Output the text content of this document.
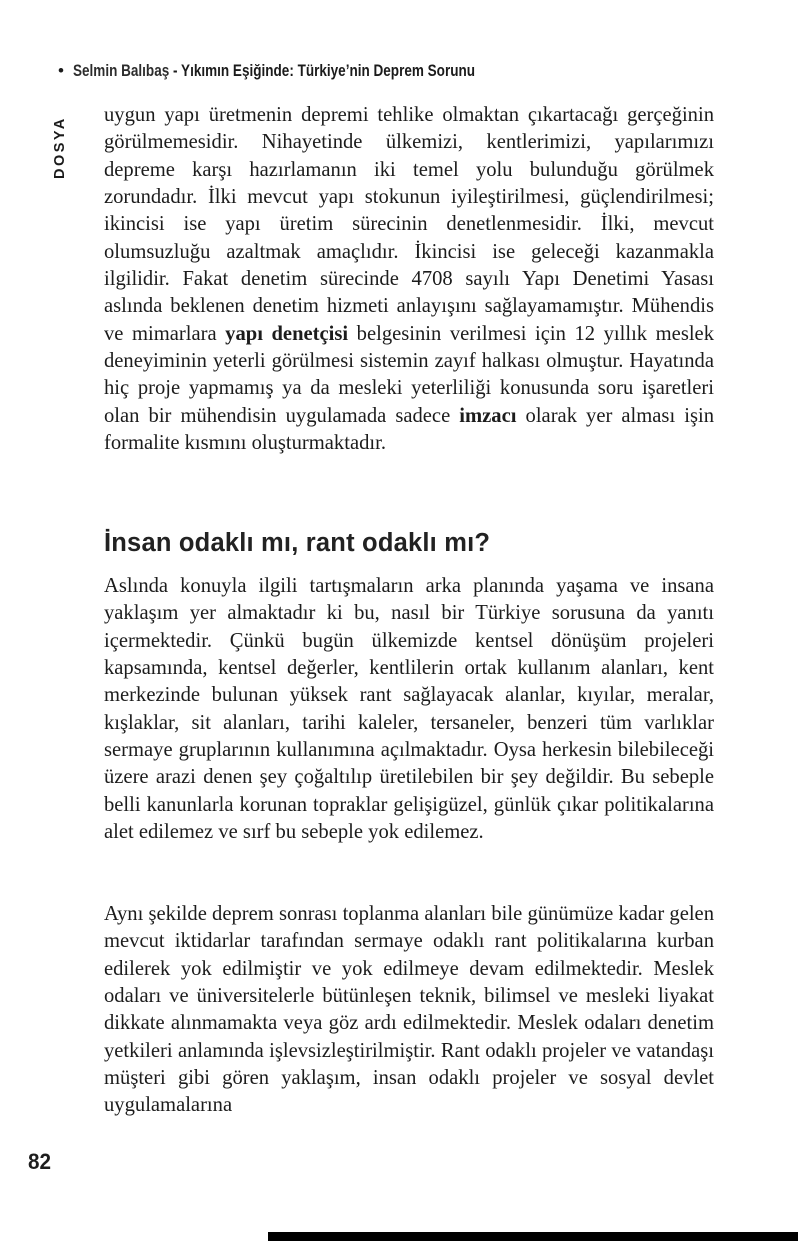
• Selmin Balıbaş - Yıkımın Eşiğinde: Türkiye’nin Deprem Sorunu
DOSYA

uygun yapı üretmenin depremi tehlike olmaktan çıkartacağı gerçeğinin görülmemesidir. Nihayetinde ülkemizi, kentlerimizi, yapılarımızı depreme karşı hazırlamanın iki temel yolu bulunduğu görülmek zorundadır. İlki mevcut yapı stokunun iyileştirilmesi, güçlendirilmesi; ikincisi ise yapı üretim sürecinin denetlenmesidir. İlki, mevcut olumsuzluğu azaltmak amaçlıdır. İkincisi ise geleceği kazanmakla ilgilidir. Fakat denetim sürecinde 4708 sayılı Yapı Denetimi Yasası aslında beklenen denetim hizmeti anlayışını sağlayamamıştır. Mühendis ve mimarlara yapı denetçisi belgesinin verilmesi için 12 yıllık meslek deneyiminin yeterli görülmesi sistemin zayıf halkası olmuştur. Hayatında hiç proje yapmamış ya da mesleki yeterliliği konusunda soru işaretleri olan bir mühendisin uygulamada sadece imzacı olarak yer alması işin formalite kısmını oluşturmaktadır.

İnsan odaklı mı, rant odaklı mı?

Aslında konuyla ilgili tartışmaların arka planında yaşama ve insana yaklaşım yer almaktadır ki bu, nasıl bir Türkiye sorusuna da yanıtı içermektedir. Çünkü bugün ülkemizde kentsel dönüşüm projeleri kapsamında, kentsel değerler, kentlilerin ortak kullanım alanları, kent merkezinde bulunan yüksek rant sağlayacak alanlar, kıyılar, meralar, kışlaklar, sit alanları, tarihi kaleler, tersaneler, benzeri tüm varlıklar sermaye gruplarının kullanımına açılmaktadır. Oysa herkesin bilebileceği üzere arazi denen şey çoğaltılıp üretilebilen bir şey değildir. Bu sebeple belli kanunlarla korunan topraklar gelişigüzel, günlük çıkar politikalarına alet edilemez ve sırf bu sebeple yok edilemez.

Aynı şekilde deprem sonrası toplanma alanları bile günümüze kadar gelen mevcut iktidarlar tarafından sermaye odaklı rant politikalarına kurban edilerek yok edilmiştir ve yok edilmeye devam edilmektedir. Meslek odaları ve üniversitelerle bütünleşen teknik, bilimsel ve mesleki liyakat dikkate alınmamakta veya göz ardı edilmektedir. Meslek odaları denetim yetkileri anlamında işlevsizleştirilmiştir. Rant odaklı projeler ve vatandaşı müşteri gibi gören yaklaşım, insan odaklı projeler ve sosyal devlet uygulamalarına

82
